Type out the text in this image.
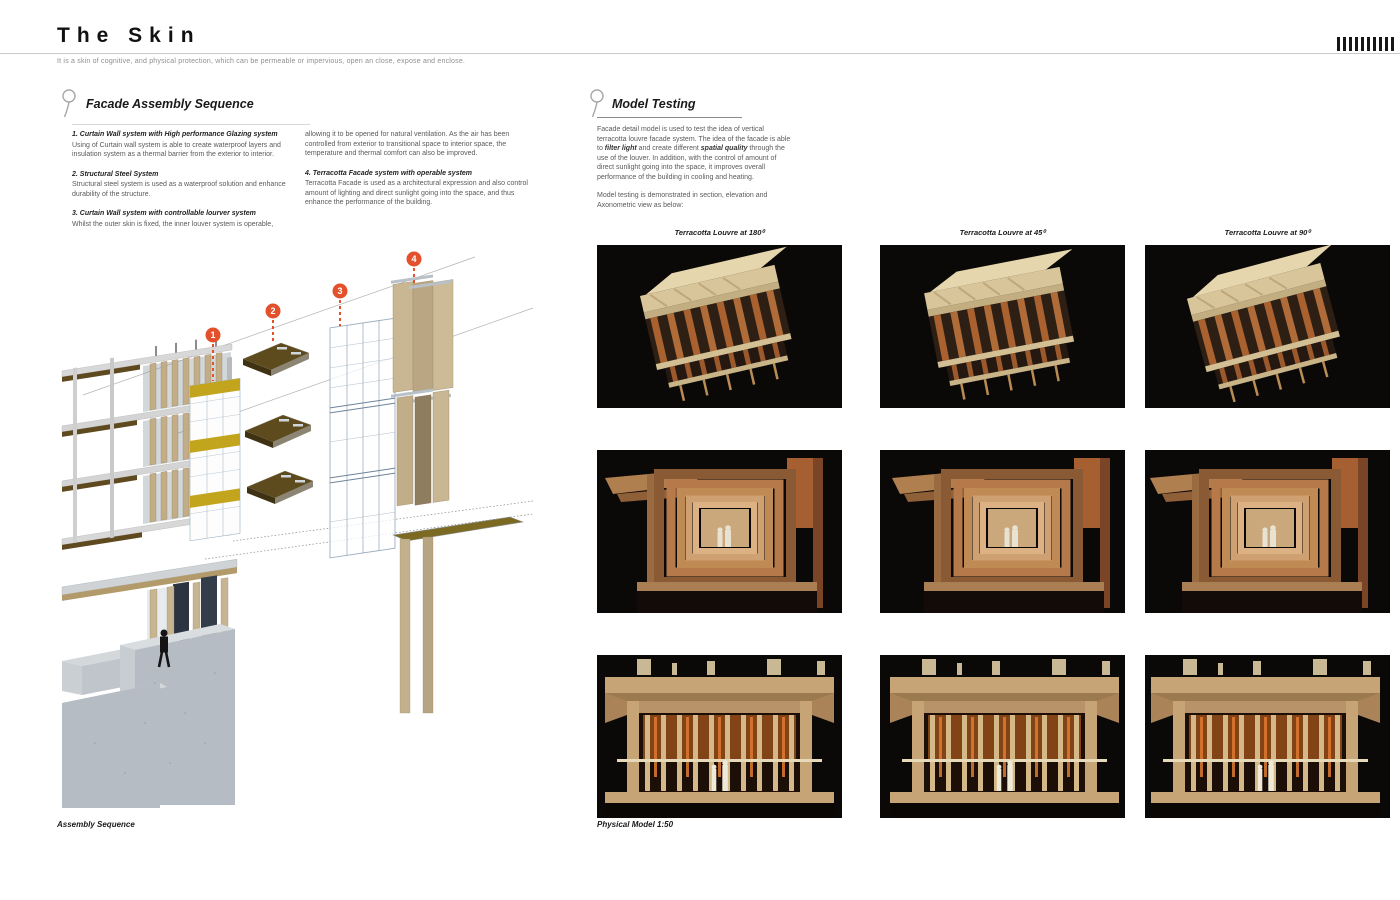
The Skin
It is a skin of cognitive, and physical protection, which can be permeable or impervious, open an close, expose and enclose.
Facade Assembly Sequence
1. Curtain Wall system with High performance Glazing system
Using of Curtain wall system is able to create waterproof layers and insulation system as a thermal barrier from the exterior to interior.
2. Structural Steel System
Structural steel system is used as a waterproof solution and enhance durability of the structure.
3. Curtain Wall system with controllable lourver system
Whilst the outer skin is fixed, the inner louver system is operable,
allowing it to be opened for natural ventilation. As the air has been controlled from exterior to transitional space to interior space, the temperature and thermal comfort can also be improved.
4. Terracotta Facade system with operable system
Terracotta Facade is used as a architectural expression and also control amount of lighting and direct sunlight going into the space, and thus enhance the performance of the building.
1
2
3
4
Assembly Sequence
Model Testing
Facade detail model is used to test the idea of vertical terracotta louvre facade system. The idea of the facade is able to filter light and create different spatial quality through the use of the louver. In addition, with the control of amount of direct sunlight going into the space, it improves overall performance of the building in cooling and heating.
Model testing is demonstrated in section, elevation and Axonometric view as below:
Terracotta Louvre at 180⁰	Terracotta Louvre at 45⁰	Terracotta Louvre at 90⁰
Physical Model 1:50
